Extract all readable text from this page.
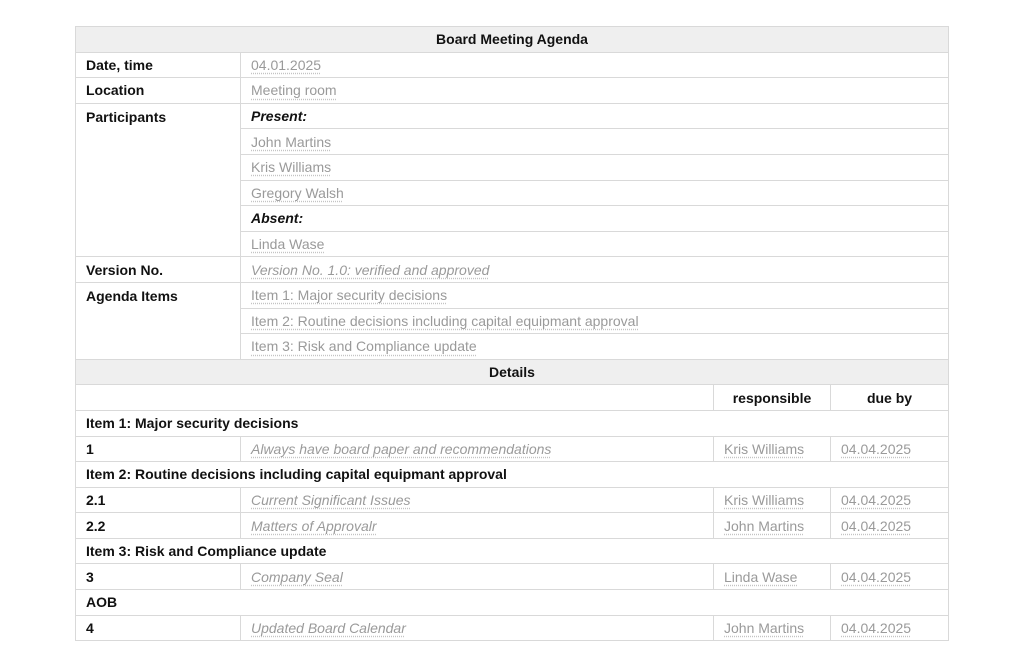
Board Meeting Agenda			
Date, time	04.01.2025		
Location	Meeting room		
Participants	Present:		
	John Martins		
	Kris Williams		
	Gregory Walsh		
	Absent:		
	Linda Wase		
Version No.	Version No. 1.0: verified and approved		
Agenda Items	Item 1: Major security decisions		
	Item 2: Routine decisions including capital equipmant approval		
	Item 3: Risk and Compliance update		
Details			
		responsible	due by
Item 1: Major security decisions			
1	Always have board paper and recommendations	Kris Williams	04.04.2025
Item 2: Routine decisions including capital equipmant approval			
2.1	Current Significant Issues	Kris Williams	04.04.2025
2.2	Matters of Approvalr	John Martins	04.04.2025
Item 3: Risk and Compliance update			
3	Company Seal	Linda Wase	04.04.2025
AOB			
4	Updated Board Calendar	John Martins	04.04.2025
